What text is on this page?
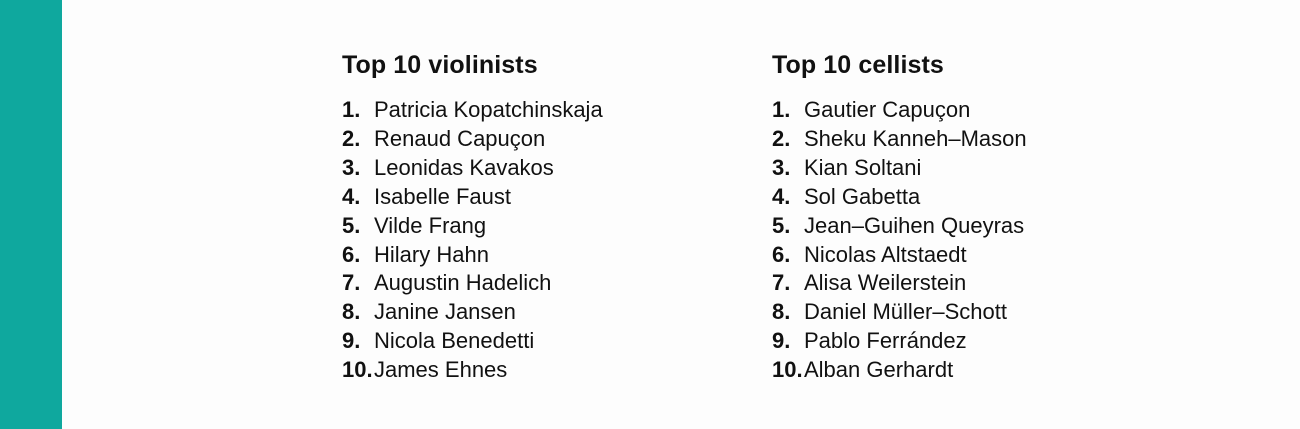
Top 10 violinists
1. Patricia Kopatchinskaja
2. Renaud Capuçon
3. Leonidas Kavakos
4. Isabelle Faust
5. Vilde Frang
6. Hilary Hahn
7. Augustin Hadelich
8. Janine Jansen
9. Nicola Benedetti
10. James Ehnes
Top 10 cellists
1. Gautier Capuçon
2. Sheku Kanneh–Mason
3. Kian Soltani
4. Sol Gabetta
5. Jean–Guihen Queyras
6. Nicolas Altstaedt
7. Alisa Weilerstein
8. Daniel Müller–Schott
9. Pablo Ferrández
10. Alban Gerhardt
